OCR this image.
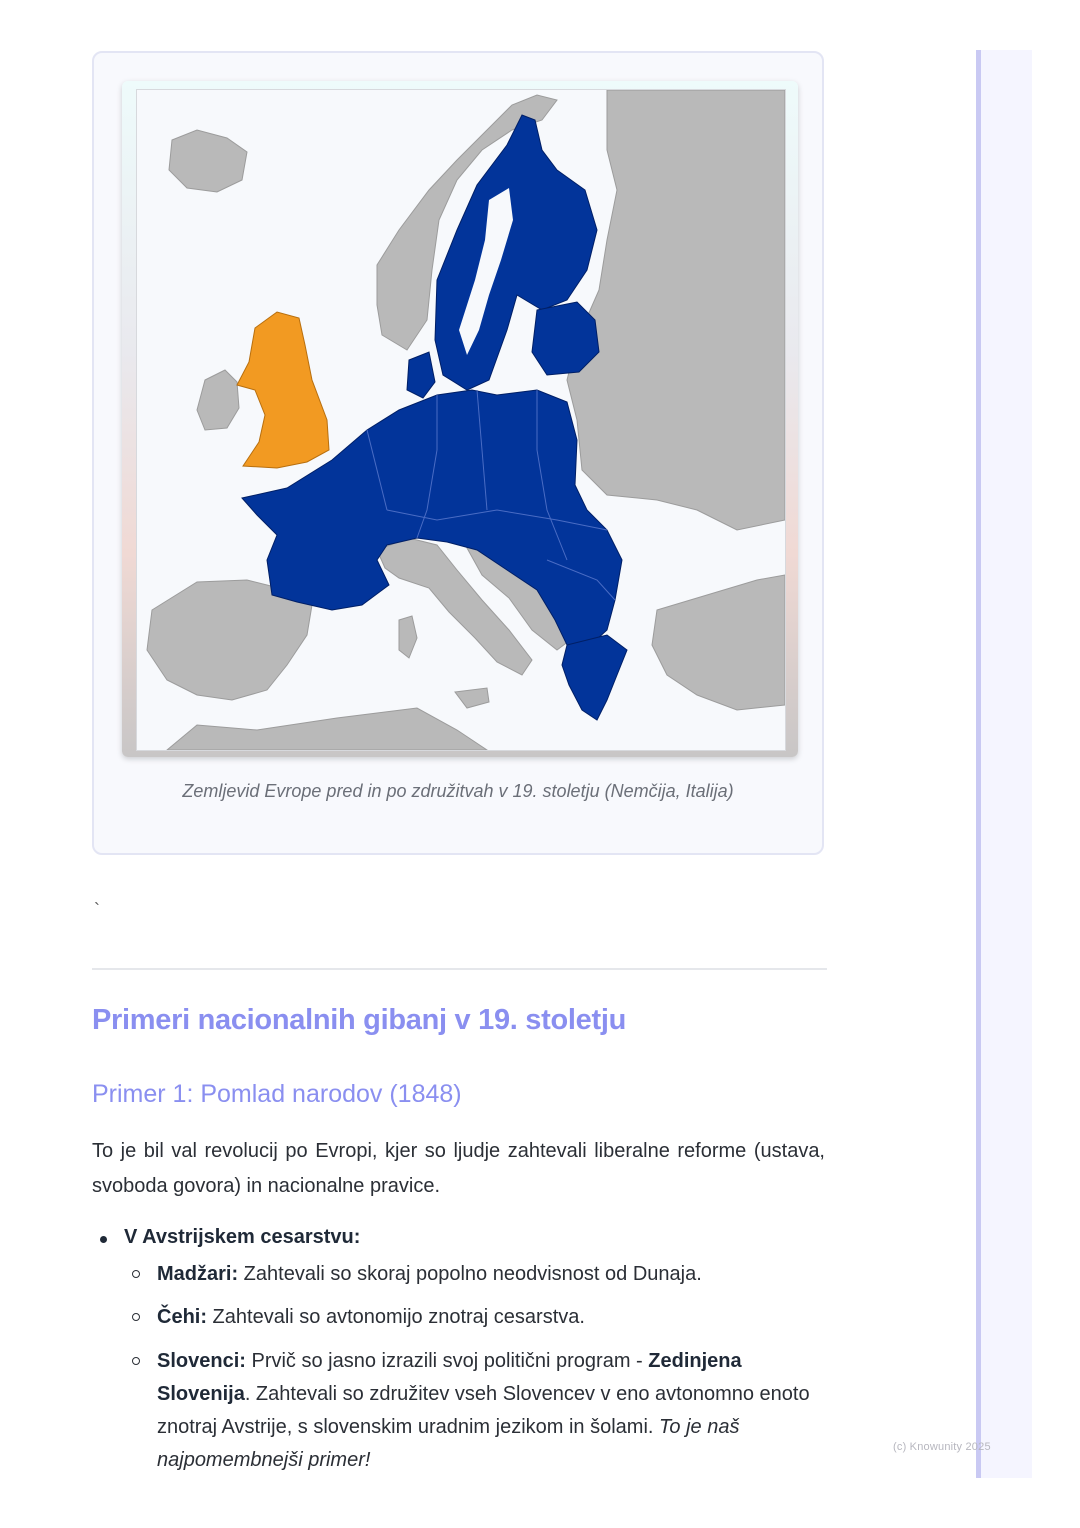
(c) Knowunity 2025
Zemljevid Evrope pred in po združitvah v 19. stoletju (Nemčija, Italija)
`
Primeri nacionalnih gibanj v 19. stoletju
Primer 1: Pomlad narodov (1848)

To je bil val revolucij po Evropi, kjer so ljudje zahtevali liberalne reforme (ustava, svoboda govora) in nacionalne pravice.

V Avstrijskem cesarstvu:
Madžari: Zahtevali so skoraj popolno neodvisnost od Dunaja.
Čehi: Zahtevali so avtonomijo znotraj cesarstva.
Slovenci: Prvič so jasno izrazili svoj politični program - Zedinjena Slovenija. Zahtevali so združitev vseh Slovencev v eno avtonomno enoto znotraj Avstrije, s slovenskim uradnim jezikom in šolami. To je naš najpomembnejši primer!
